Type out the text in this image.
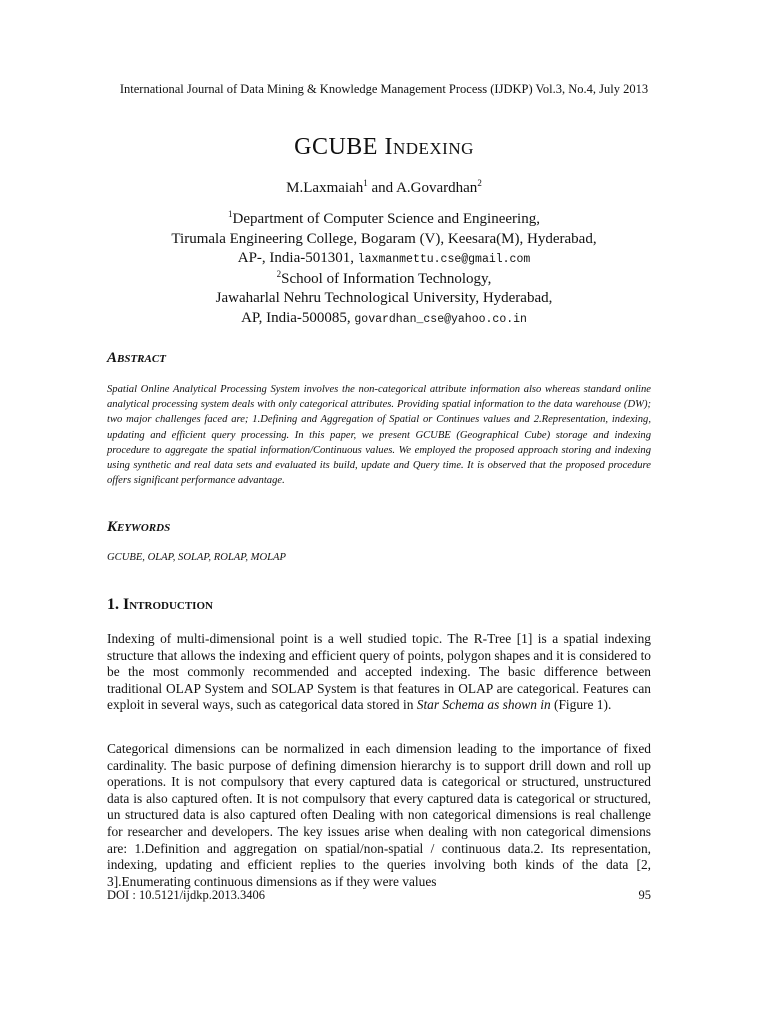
International Journal of Data Mining & Knowledge Management Process (IJDKP) Vol.3, No.4, July 2013
GCUBE Indexing
M.Laxmaiah$^1$ and A.Govardhan$^2$
$^1$Department of Computer Science and Engineering,
Tirumala Engineering College, Bogaram (V), Keesara(M), Hyderabad,
AP-, India-501301, laxmanmettu.cse@gmail.com
$^2$School of Information Technology,
Jawaharlal Nehru Technological University, Hyderabad,
AP, India-500085, govardhan_cse@yahoo.co.in
Abstract
Spatial Online Analytical Processing System involves the non-categorical attribute information also whereas standard online analytical processing system deals with only categorical attributes. Providing spatial information to the data warehouse (DW); two major challenges faced are; 1.Defining and Aggregation of Spatial or Continues values and 2.Representation, indexing, updating and efficient query processing. In this paper, we present GCUBE (Geographical Cube) storage and indexing procedure to aggregate the spatial information/Continuous values. We employed the proposed approach storing and indexing using synthetic and real data sets and evaluated its build, update and Query time. It is observed that the proposed procedure offers significant performance advantage.
Keywords
GCUBE, OLAP, SOLAP, ROLAP, MOLAP
1. Introduction
Indexing of multi-dimensional point is a well studied topic. The R-Tree [1] is a spatial indexing structure that allows the indexing and efficient query of points, polygon shapes and it is considered to be the most commonly recommended and accepted indexing. The basic difference between traditional OLAP System and SOLAP System is that features in OLAP are categorical. Features can exploit in several ways, such as categorical data stored in Star Schema as shown in (Figure 1).
Categorical dimensions can be normalized in each dimension leading to the importance of fixed cardinality. The basic purpose of defining dimension hierarchy is to support drill down and roll up operations. It is not compulsory that every captured data is categorical or structured, unstructured data is also captured often. It is not compulsory that every captured data is categorical or structured, un structured data is also captured often Dealing with non categorical dimensions is real challenge for researcher and developers. The key issues arise when dealing with non categorical dimensions are: 1.Definition and aggregation on spatial/non-spatial / continuous data.2. Its representation, indexing, updating and efficient replies to the queries involving both kinds of the data [2, 3].Enumerating continuous dimensions as if they were values
DOI : 10.5121/ijdkp.2013.3406	95
